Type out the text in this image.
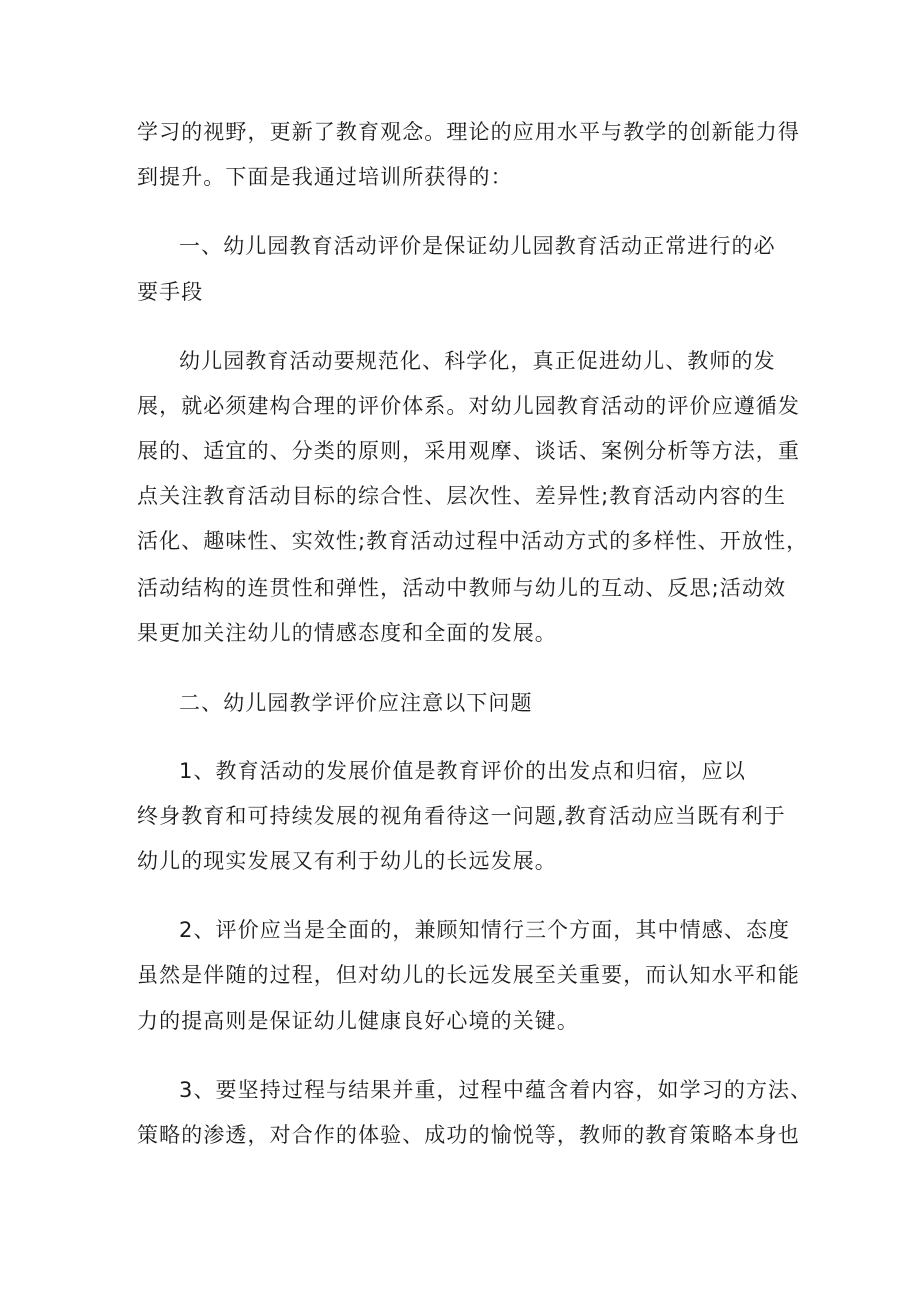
学习的视野，更新了教育观念。理论的应用水平与教学的创新能力得
到提升。下面是我通过培训所获得的：
一、幼儿园教育活动评价是保证幼儿园教育活动正常进行的必
要手段
幼儿园教育活动要规范化、科学化，真正促进幼儿、教师的发
展，就必须建构合理的评价体系。对幼儿园教育活动的评价应遵循发
展的、适宜的、分类的原则，采用观摩、谈话、案例分析等方法，重
点关注教育活动目标的综合性、层次性、差异性;教育活动内容的生
活化、趣味性、实效性;教育活动过程中活动方式的多样性、开放性，
活动结构的连贯性和弹性，活动中教师与幼儿的互动、反思;活动效
果更加关注幼儿的情感态度和全面的发展。
二、幼儿园教学评价应注意以下问题
1、教育活动的发展价值是教育评价的出发点和归宿，应以
终身教育和可持续发展的视角看待这一问题,教育活动应当既有利于
幼儿的现实发展又有利于幼儿的长远发展。
2、评价应当是全面的，兼顾知情行三个方面，其中情感、态度
虽然是伴随的过程，但对幼儿的长远发展至关重要，而认知水平和能
力的提高则是保证幼儿健康良好心境的关键。
3、要坚持过程与结果并重，过程中蕴含着内容，如学习的方法、
策略的渗透，对合作的体验、成功的愉悦等，教师的教育策略本身也
